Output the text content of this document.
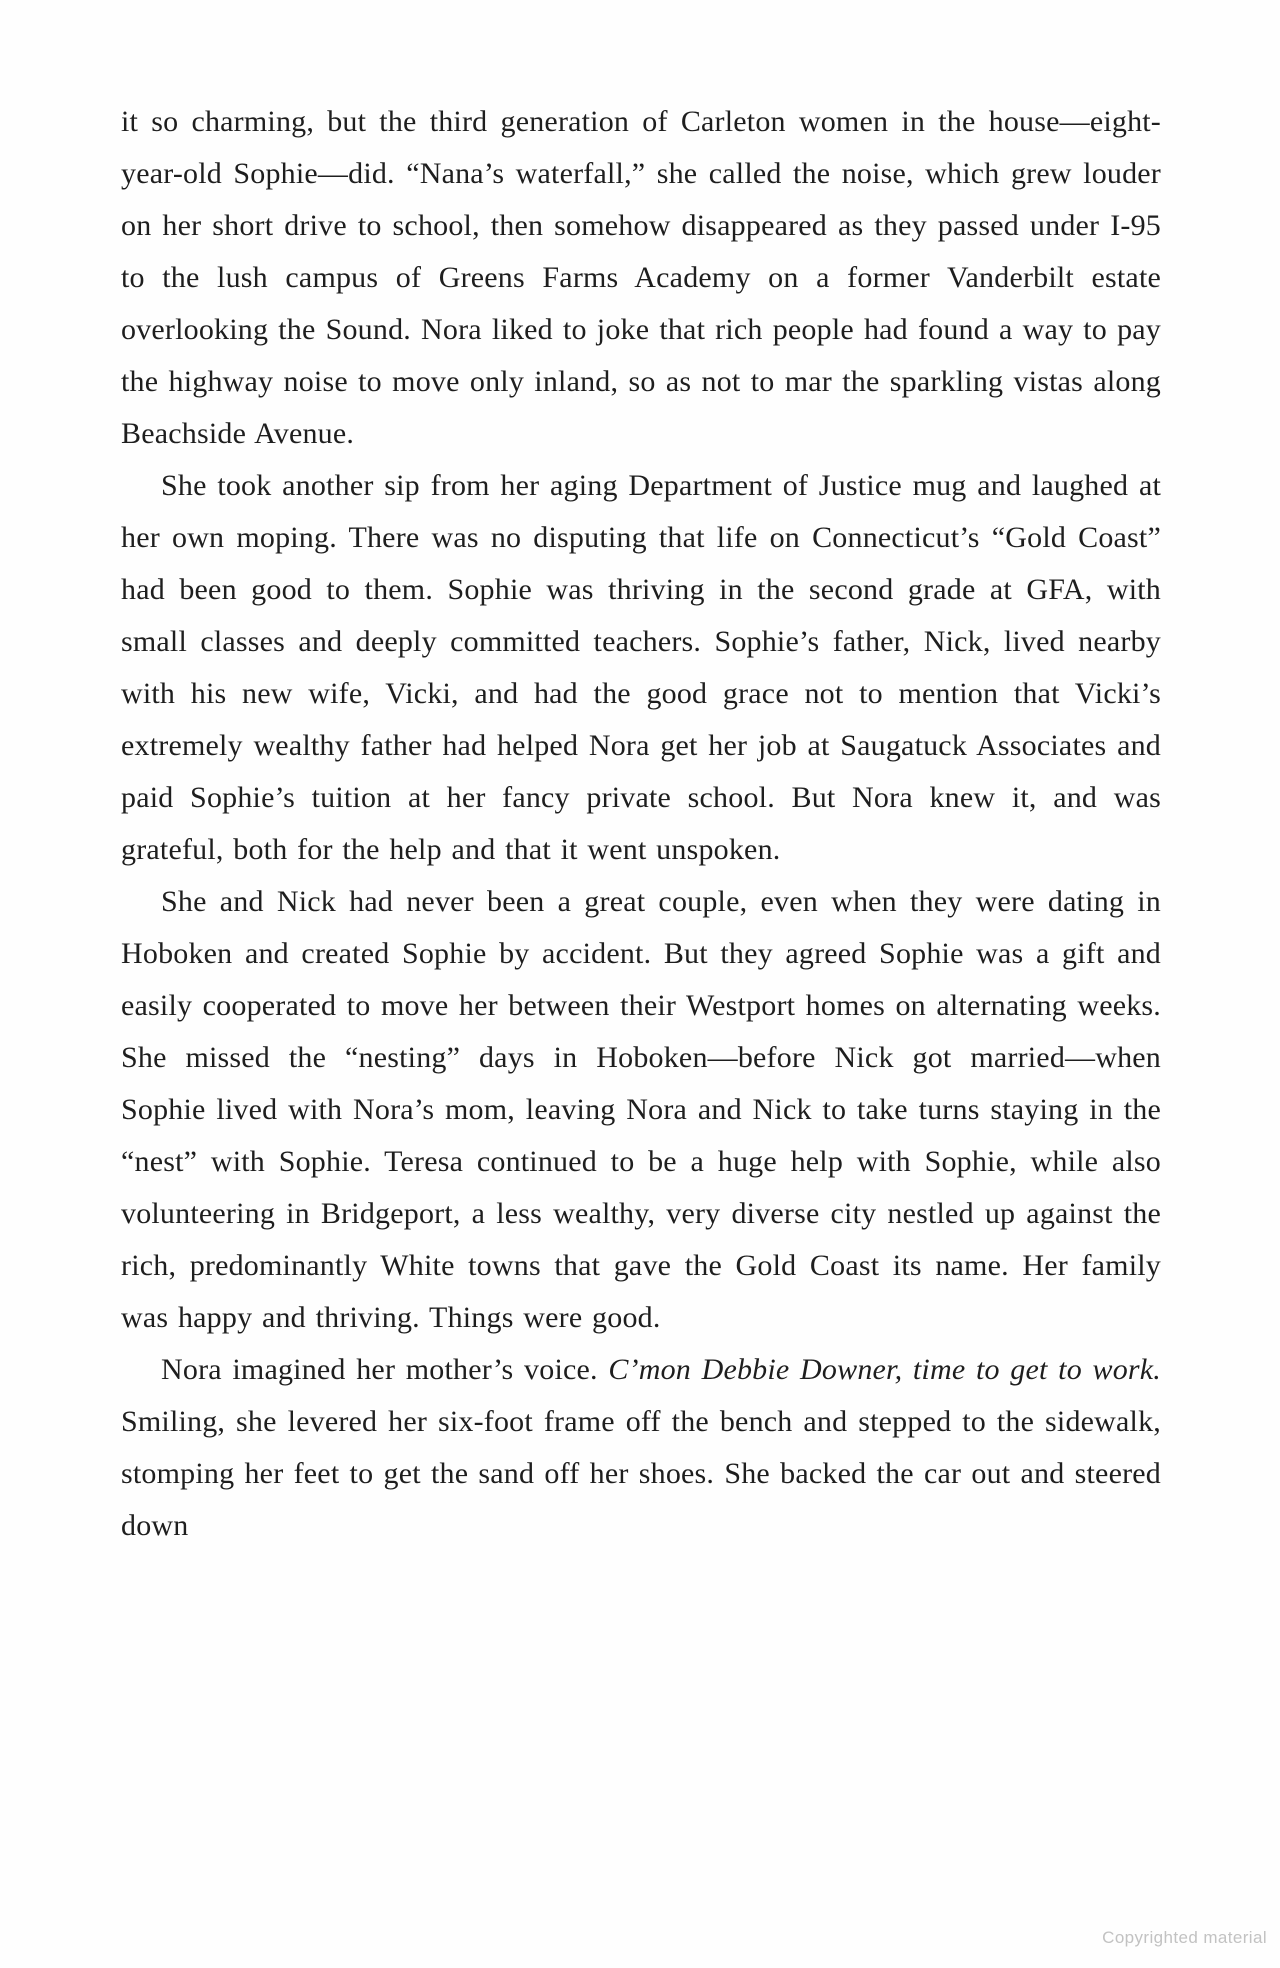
it so charming, but the third generation of Carleton women in the house—eight-year-old Sophie—did. “Nana’s waterfall,” she called the noise, which grew louder on her short drive to school, then somehow disappeared as they passed under I-95 to the lush campus of Greens Farms Academy on a former Vanderbilt estate overlooking the Sound. Nora liked to joke that rich people had found a way to pay the highway noise to move only inland, so as not to mar the sparkling vistas along Beachside Avenue.

She took another sip from her aging Department of Justice mug and laughed at her own moping. There was no disputing that life on Connecticut’s “Gold Coast” had been good to them. Sophie was thriving in the second grade at GFA, with small classes and deeply committed teachers. Sophie’s father, Nick, lived nearby with his new wife, Vicki, and had the good grace not to mention that Vicki’s extremely wealthy father had helped Nora get her job at Saugatuck Associates and paid Sophie’s tuition at her fancy private school. But Nora knew it, and was grateful, both for the help and that it went unspoken.

She and Nick had never been a great couple, even when they were dating in Hoboken and created Sophie by accident. But they agreed Sophie was a gift and easily cooperated to move her between their Westport homes on alternating weeks. She missed the “nesting” days in Hoboken—before Nick got married—when Sophie lived with Nora’s mom, leaving Nora and Nick to take turns staying in the “nest” with Sophie. Teresa continued to be a huge help with Sophie, while also volunteering in Bridgeport, a less wealthy, very diverse city nestled up against the rich, predominantly White towns that gave the Gold Coast its name. Her family was happy and thriving. Things were good.

Nora imagined her mother’s voice. C’mon Debbie Downer, time to get to work. Smiling, she levered her six-foot frame off the bench and stepped to the sidewalk, stomping her feet to get the sand off her shoes. She backed the car out and steered down

Copyrighted material
